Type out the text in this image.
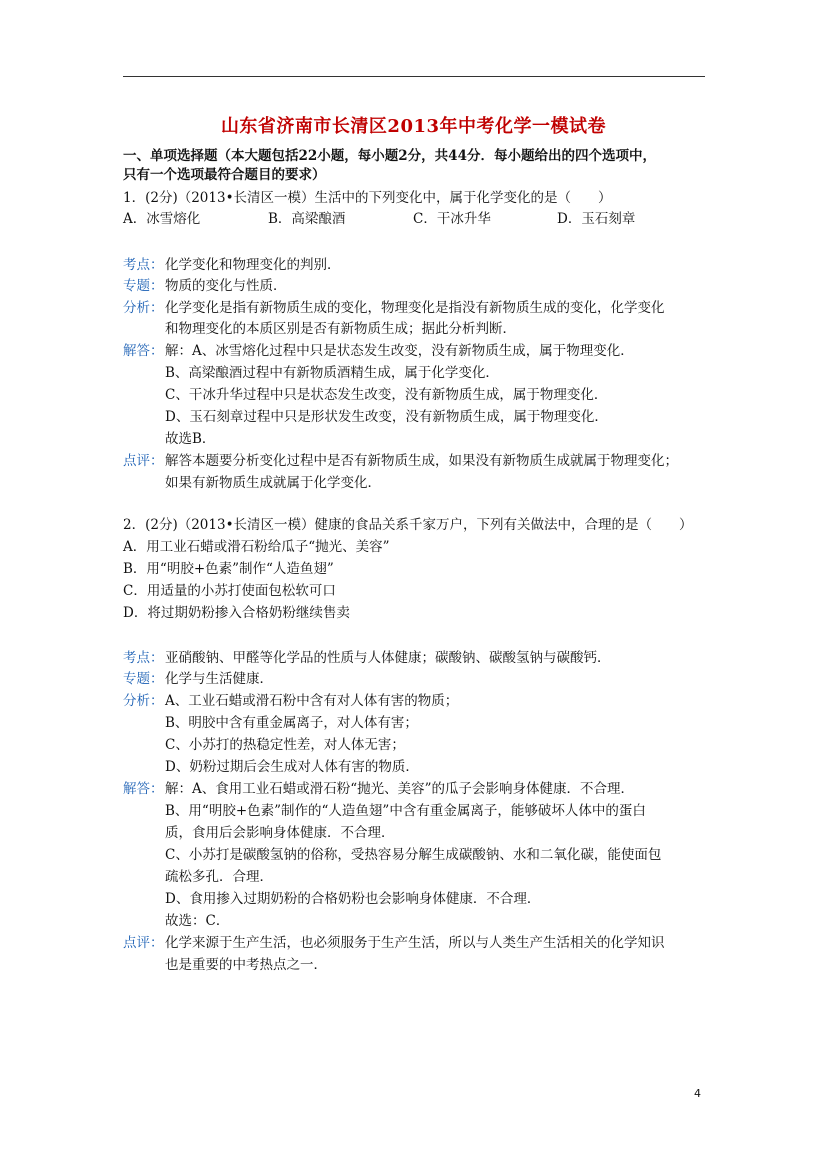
山东省济南市长清区2013年中考化学一模试卷
一、单项选择题（本大题包括22小题，每小题2分，共44分．每小题给出的四个选项中，
只有一个选项最符合题目的要求）
1．(2分)（2013•长清区一模）生活中的下列变化中，属于化学变化的是（　　）
A．冰雪熔化	B．高梁酿酒	C．干冰升华	D．玉石刻章
考点： 化学变化和物理变化的判别．
专题： 物质的变化与性质．
分析： 化学变化是指有新物质生成的变化，物理变化是指没有新物质生成的变化，化学变化
和物理变化的本质区别是否有新物质生成；据此分析判断．
解答： 解：A、冰雪熔化过程中只是状态发生改变，没有新物质生成，属于物理变化．
B、高梁酿酒过程中有新物质酒精生成，属于化学变化．
C、干冰升华过程中只是状态发生改变，没有新物质生成，属于物理变化．
D、玉石刻章过程中只是形状发生改变，没有新物质生成，属于物理变化．
故选B．
点评： 解答本题要分析变化过程中是否有新物质生成，如果没有新物质生成就属于物理变化；
如果有新物质生成就属于化学变化．
2．(2分)（2013•长清区一模）健康的食品关系千家万户，下列有关做法中，合理的是（　　）
A．用工业石蜡或滑石粉给瓜子“抛光、美容”
B．用“明胶+色素”制作“人造鱼翅”
C．用适量的小苏打使面包松软可口
D．将过期奶粉掺入合格奶粉继续售卖
考点： 亚硝酸钠、甲醛等化学品的性质与人体健康；碳酸钠、碳酸氢钠与碳酸钙．
专题： 化学与生活健康．
分析： A、工业石蜡或滑石粉中含有对人体有害的物质；
B、明胶中含有重金属离子，对人体有害；
C、小苏打的热稳定性差，对人体无害；
D、奶粉过期后会生成对人体有害的物质．
解答： 解：A、食用工业石蜡或滑石粉“抛光、美容”的瓜子会影响身体健康．不合理．
B、用“明胶+色素”制作的“人造鱼翅”中含有重金属离子，能够破坏人体中的蛋白
质，食用后会影响身体健康．不合理．
C、小苏打是碳酸氢钠的俗称，受热容易分解生成碳酸钠、水和二氧化碳，能使面包
疏松多孔．合理．
D、食用掺入过期奶粉的合格奶粉也会影响身体健康．不合理．
故选：C．
点评： 化学来源于生产生活，也必须服务于生产生活，所以与人类生产生活相关的化学知识
也是重要的中考热点之一．
4
